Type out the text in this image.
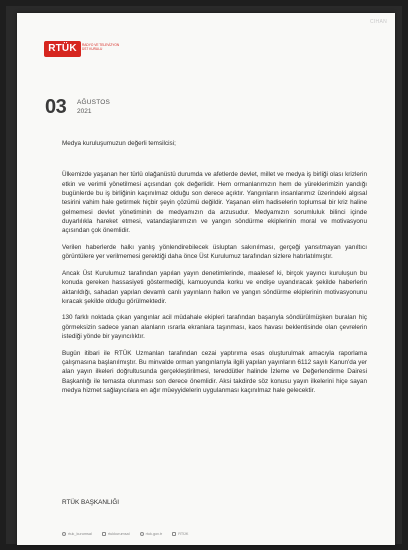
CIHAN
RTÜK	RADYO VE TELEVİZYON ÜST KURULU
03 AĞUSTOS
2021

Medya kuruluşumuzun değerli temsilcisi;

Ülkemizde yaşanan her türlü olağanüstü durumda ve afetlerde devlet, millet ve medya iş birliği olası krizlerin etkin ve verimli yönetilmesi açısından çok değerlidir. Hem ormanlarımızın hem de yüreklerimizin yandığı bugünlerde bu iş birliğinin kaçınılmaz olduğu son derece açıktır. Yangınların insanlarımız üzerindeki algısal tesirini vahim hale getirmek hiçbir şeyin çözümü değildir. Yaşanan elim hadiselerin toplumsal bir kriz haline gelmemesi devlet yönetiminin de medyamızın da arzusudur. Medyamızın sorumluluk bilinci içinde duyarlılıkla hareket etmesi, vatandaşlarımızın ve yangın söndürme ekiplerinin moral ve motivasyonu açısından çok önemlidir.

Verilen haberlerde halkı yanlış yönlendirebilecek üsluptan sakınılması, gerçeği yansıtmayan yanıltıcı görüntülere yer verilmemesi gerektiği daha önce Üst Kurulumuz tarafından sizlere hatırlatılmıştır.

Ancak Üst Kurulumuz tarafından yapılan yayın denetimlerinde, maalesef ki, birçok yayıncı kuruluşun bu konuda gereken hassasiyeti göstermediği, kamuoyunda korku ve endişe uyandıracak şekilde haberlerin aktarıldığı, sahadan yapılan devamlı canlı yayınların halkın ve yangın söndürme ekiplerinin motivasyonunu kıracak şekilde olduğu görülmektedir.

130 farklı noktada çıkan yangınlar acil müdahale ekipleri tarafından başarıyla söndürülmüşken buraları hiç görmeksizin sadece yanan alanların ısrarla ekranlara taşınması, kaos havası beklentisinde olan çevrelerin istediği yönde bir yayıncılıktır.

Bugün itibari ile RTÜK Uzmanları tarafından cezai yaptırıma esas oluşturulmak amacıyla raporlama çalışmasına başlanılmıştır. Bu minvalde orman yangınlarıyla ilgili yapılan yayınların 6112 sayılı Kanun'da yer alan yayın ilkeleri doğrultusunda gerçekleştirilmesi, tereddütler halinde İzleme ve Değerlendirme Dairesi Başkanlığı ile temasta olunması son derece önemlidir. Aksi takdirde söz konusu yayın ilkelerini hiçe sayan medya hizmet sağlayıcılara en ağır müeyyidelerin uygulanması kaçınılmaz hale gelecektir.

RTÜK BAŞKANLIĞI
rtuk_kurumsal	rtukkurumsal	rtuk.gov.tr	RTÜK
